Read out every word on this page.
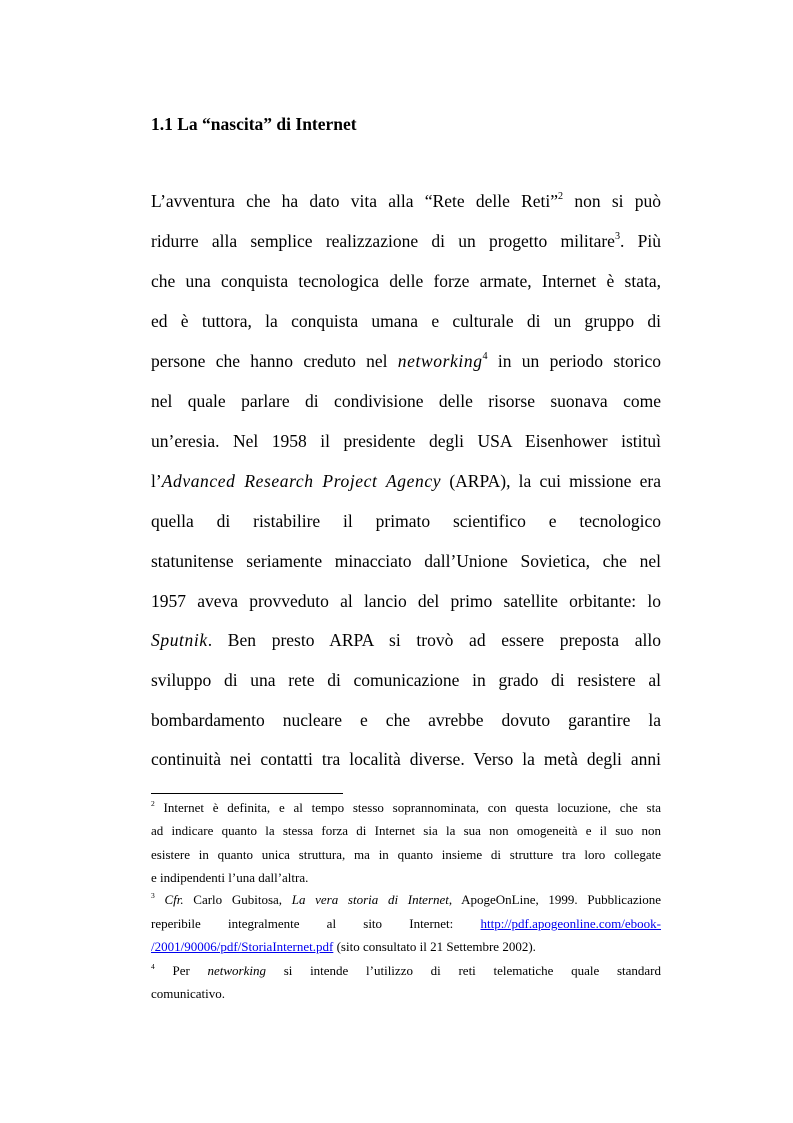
1.1 La “nascita” di Internet
L’avventura che ha dato vita alla “Rete delle Reti”$^2$ non si può
ridurre alla semplice realizzazione di un progetto militare$^3$. Più
che una conquista tecnologica delle forze armate, Internet è stata,
ed è tuttora, la conquista umana e culturale di un gruppo di
persone che hanno creduto nel networking$^4$ in un periodo storico
nel quale parlare di condivisione delle risorse suonava come
un’eresia. Nel 1958 il presidente degli USA Eisenhower istituì
l’Advanced Research Project Agency (ARPA), la cui missione era
quella di ristabilire il primato scientifico e tecnologico
statunitense seriamente minacciato dall’Unione Sovietica, che nel
1957 aveva provveduto al lancio del primo satellite orbitante: lo
Sputnik. Ben presto ARPA si trovò ad essere preposta allo
sviluppo di una rete di comunicazione in grado di resistere al
bombardamento nucleare e che avrebbe dovuto garantire la
continuità nei contatti tra località diverse. Verso la metà degli anni
$^2$ Internet è definita, e al tempo stesso soprannominata, con questa locuzione, che sta
ad indicare quanto la stessa forza di Internet sia la sua non omogeneità e il suo non
esistere in quanto unica struttura, ma in quanto insieme di strutture tra loro collegate
e indipendenti l’una dall’altra.
$^3$ Cfr. Carlo Gubitosa, La vera storia di Internet, ApogeOnLine, 1999. Pubblicazione
reperibile integralmente al sito Internet: http://pdf.apogeonline.com/ebook-
/2001/90006/pdf/StoriaInternet.pdf (sito consultato il 21 Settembre 2002).
$^4$ Per networking si intende l’utilizzo di reti telematiche quale standard
comunicativo.
